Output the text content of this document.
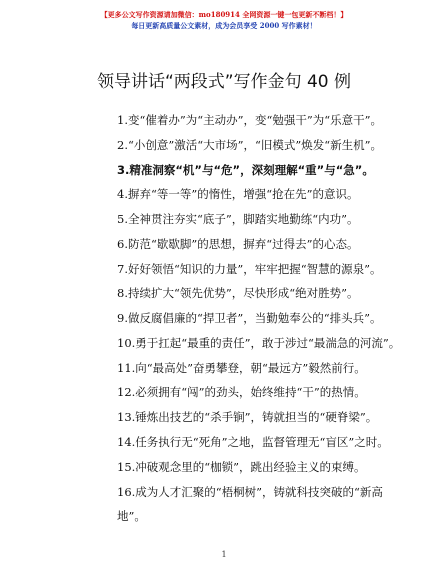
【更多公文写作资源请加微信：mo180914 全网资源一键一包更新不断档！】
每日更新高质量公文素材，成为会员享受 2000 写作素材！
领导讲话“两段式”写作金句 40 例
1.变“催着办”为“主动办”，变“勉强干”为“乐意干”。
2.“小创意”激活“大市场”，“旧模式”焕发“新生机”。
3.精准洞察“机”与“危”，深刻理解“重”与“急”。
4.摒弃“等一等”的惰性，增强“抢在先”的意识。
5.全神贯注夯实“底子”，脚踏实地勤练“内功”。
6.防范“歇歇脚”的思想，摒弃“过得去”的心态。
7.好好领悟“知识的力量”，牢牢把握“智慧的源泉”。
8.持续扩大“领先优势”，尽快形成“绝对胜势”。
9.做反腐倡廉的“捍卫者”，当勤勉奉公的“排头兵”。
10.勇于扛起“最重的责任”，敢于涉过“最湍急的河流”。
11.向“最高处”奋勇攀登，朝“最远方”毅然前行。
12.必须拥有“闯”的劲头，始终维持“干”的热情。
13.锤炼出技艺的“杀手锏”，铸就担当的“硬脊梁”。
14.任务执行无“死角”之地，监督管理无“盲区”之时。
15.冲破观念里的“枷锁”，跳出经验主义的束缚。
16.成为人才汇聚的“梧桐树”，铸就科技突破的“新高地”。
1
